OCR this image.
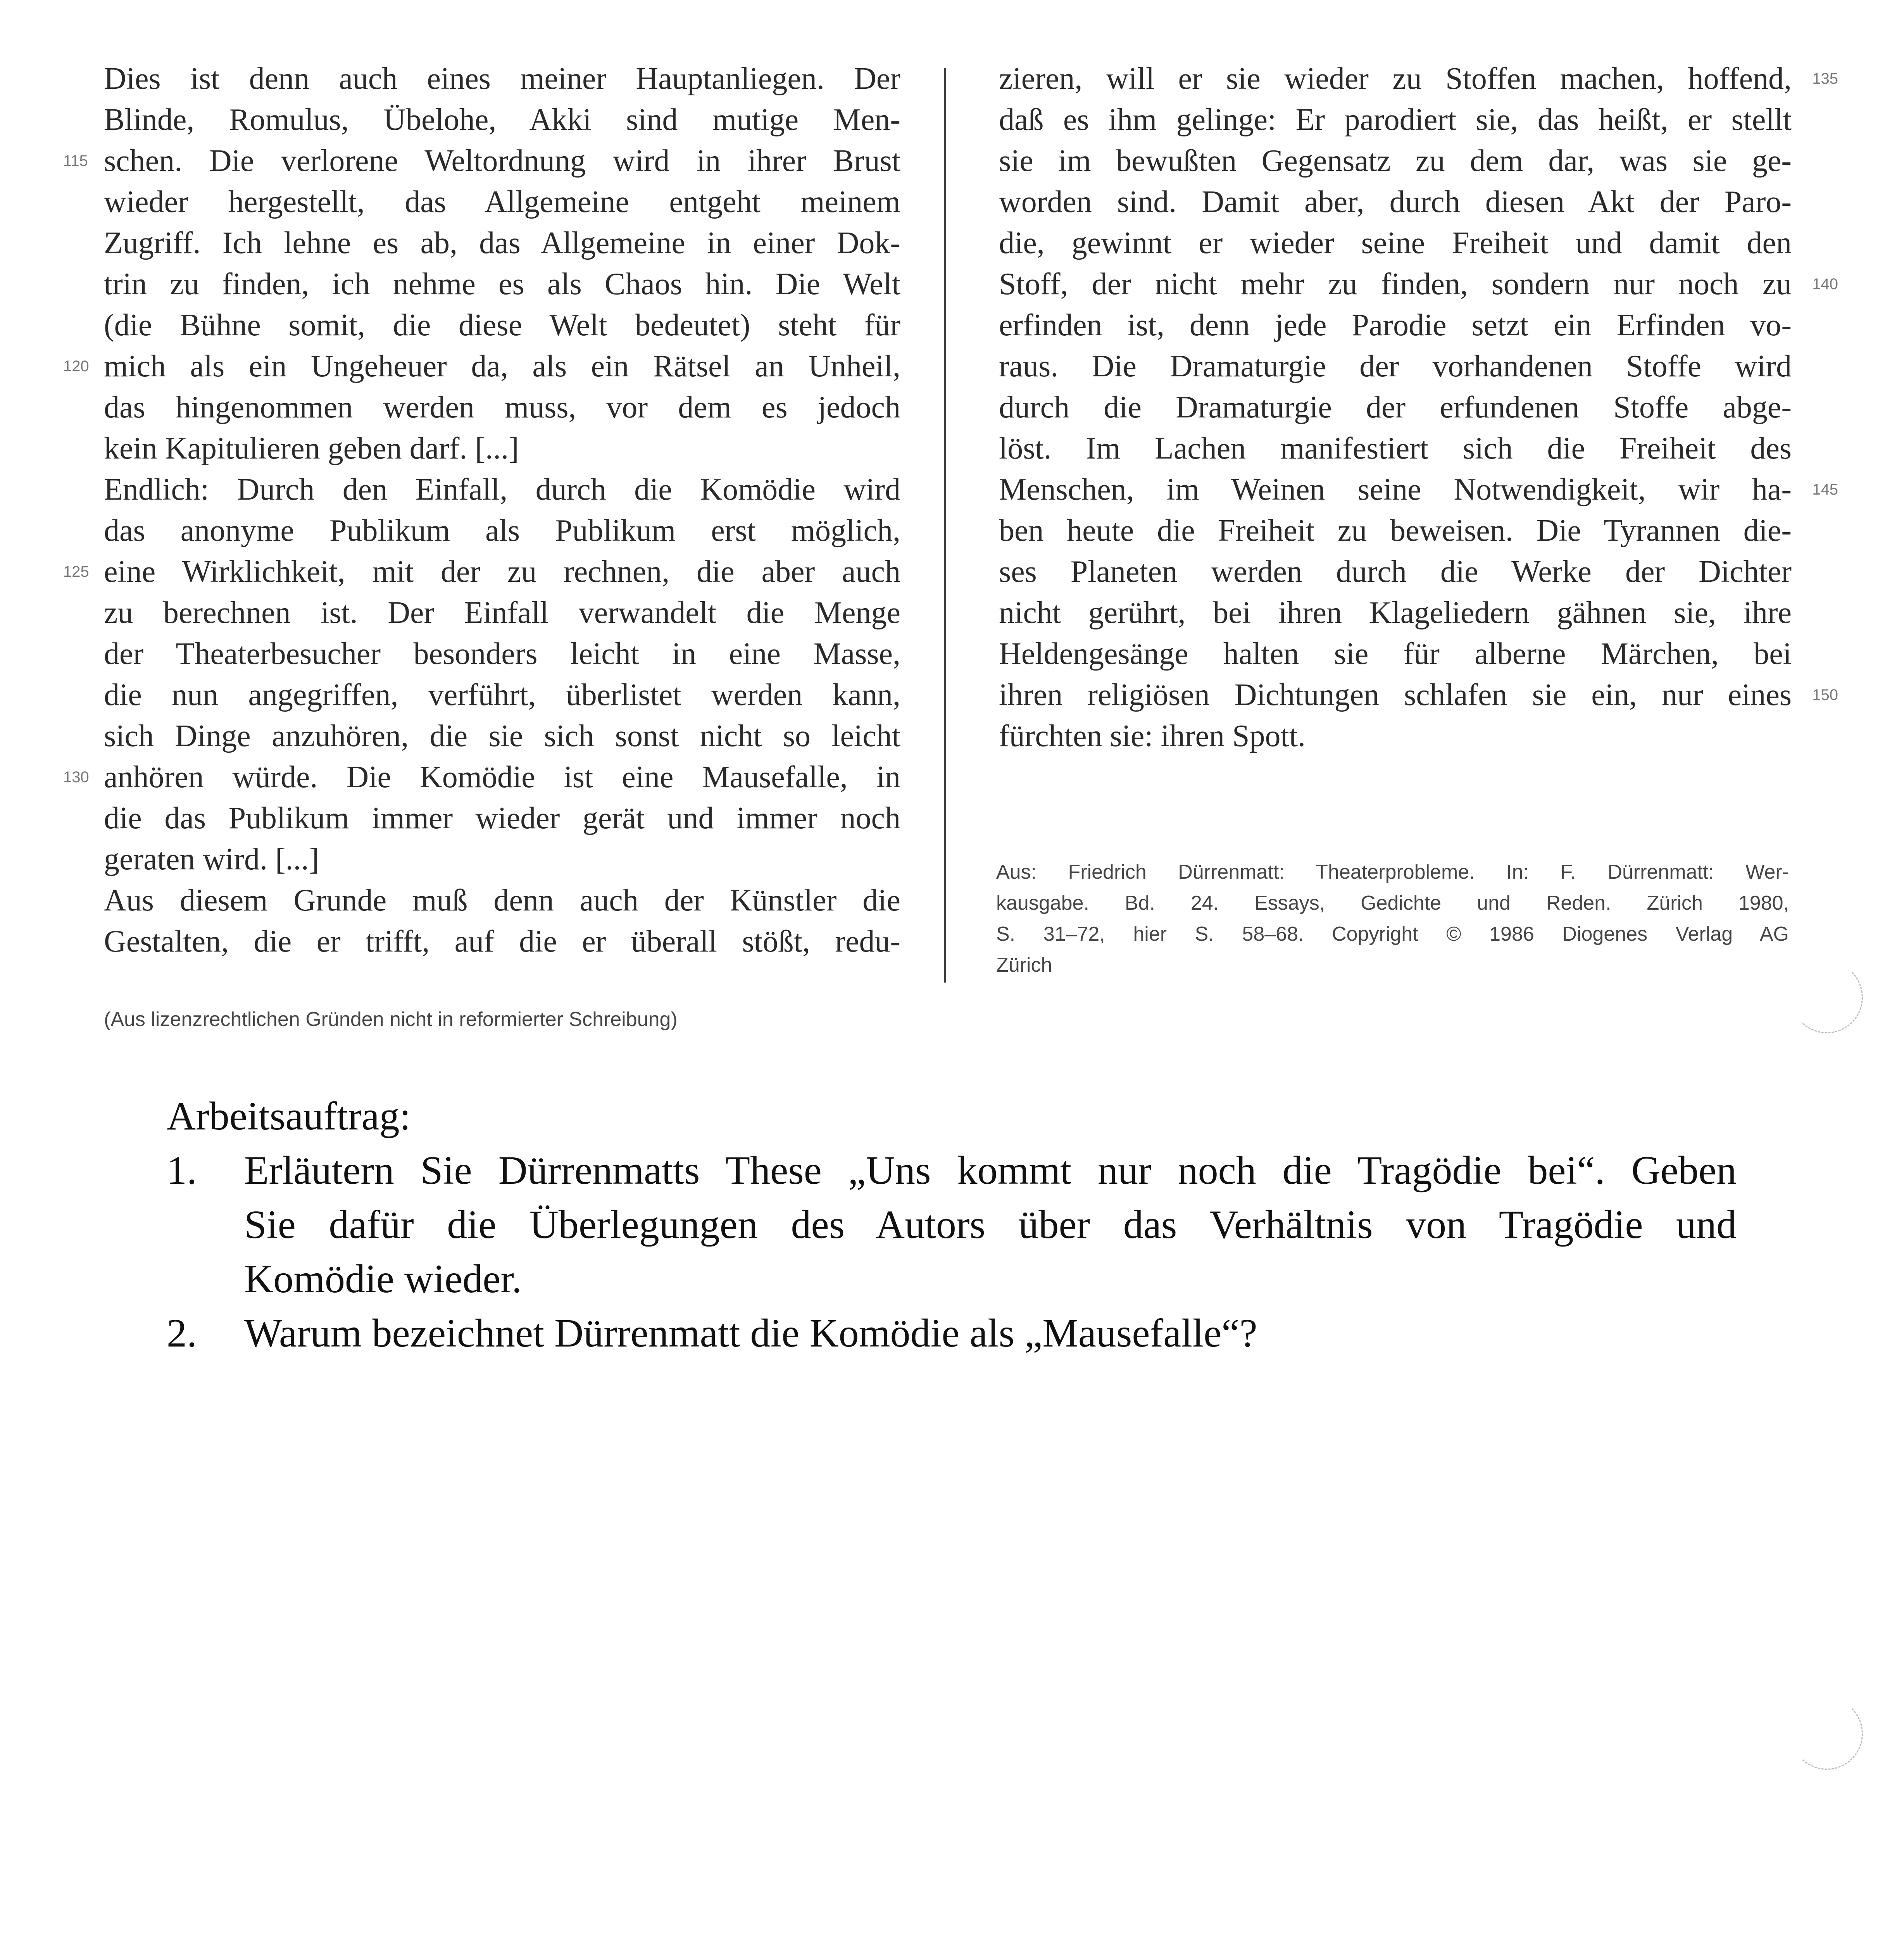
Dies ist denn auch eines meiner Hauptanliegen. Der
Blinde, Romulus, Übelohe, Akki sind mutige Men-
115 schen. Die verlorene Weltordnung wird in ihrer Brust
wieder hergestellt, das Allgemeine entgeht meinem
Zugriff. Ich lehne es ab, das Allgemeine in einer Dok-
trin zu finden, ich nehme es als Chaos hin. Die Welt
(die Bühne somit, die diese Welt bedeutet) steht für
120 mich als ein Ungeheuer da, als ein Rätsel an Unheil,
das hingenommen werden muss, vor dem es jedoch
kein Kapitulieren geben darf. [...]
Endlich: Durch den Einfall, durch die Komödie wird
das anonyme Publikum als Publikum erst möglich,
125 eine Wirklichkeit, mit der zu rechnen, die aber auch
zu berechnen ist. Der Einfall verwandelt die Menge
der Theaterbesucher besonders leicht in eine Masse,
die nun angegriffen, verführt, überlistet werden kann,
sich Dinge anzuhören, die sie sich sonst nicht so leicht
130 anhören würde. Die Komödie ist eine Mausefalle, in
die das Publikum immer wieder gerät und immer noch
geraten wird. [...]
Aus diesem Grunde muß denn auch der Künstler die
Gestalten, die er trifft, auf die er überall stößt, redu-
zieren, will er sie wieder zu Stoffen machen, hoffend, 135
daß es ihm gelinge: Er parodiert sie, das heißt, er stellt
sie im bewußten Gegensatz zu dem dar, was sie ge-
worden sind. Damit aber, durch diesen Akt der Paro-
die, gewinnt er wieder seine Freiheit und damit den
Stoff, der nicht mehr zu finden, sondern nur noch zu 140
erfinden ist, denn jede Parodie setzt ein Erfinden vo-
raus. Die Dramaturgie der vorhandenen Stoffe wird
durch die Dramaturgie der erfundenen Stoffe abge-
löst. Im Lachen manifestiert sich die Freiheit des
Menschen, im Weinen seine Notwendigkeit, wir ha- 145
ben heute die Freiheit zu beweisen. Die Tyrannen die-
ses Planeten werden durch die Werke der Dichter
nicht gerührt, bei ihren Klageliedern gähnen sie, ihre
Heldengesänge halten sie für alberne Märchen, bei
ihren religiösen Dichtungen schlafen sie ein, nur eines 150
fürchten sie: ihren Spott.
Aus: Friedrich Dürrenmatt: Theaterprobleme. In: F. Dürrenmatt: Wer-
kausgabe. Bd. 24. Essays, Gedichte und Reden. Zürich 1980,
S. 31–72, hier S. 58–68. Copyright © 1986 Diogenes Verlag AG
Zürich
(Aus lizenzrechtlichen Gründen nicht in reformierter Schreibung)
Arbeitsauftrag:
1. Erläutern Sie Dürrenmatts These „Uns kommt nur noch die Tragödie bei“. Geben
Sie dafür die Überlegungen des Autors über das Verhältnis von Tragödie und
Komödie wieder.
2. Warum bezeichnet Dürrenmatt die Komödie als „Mausefalle“?
